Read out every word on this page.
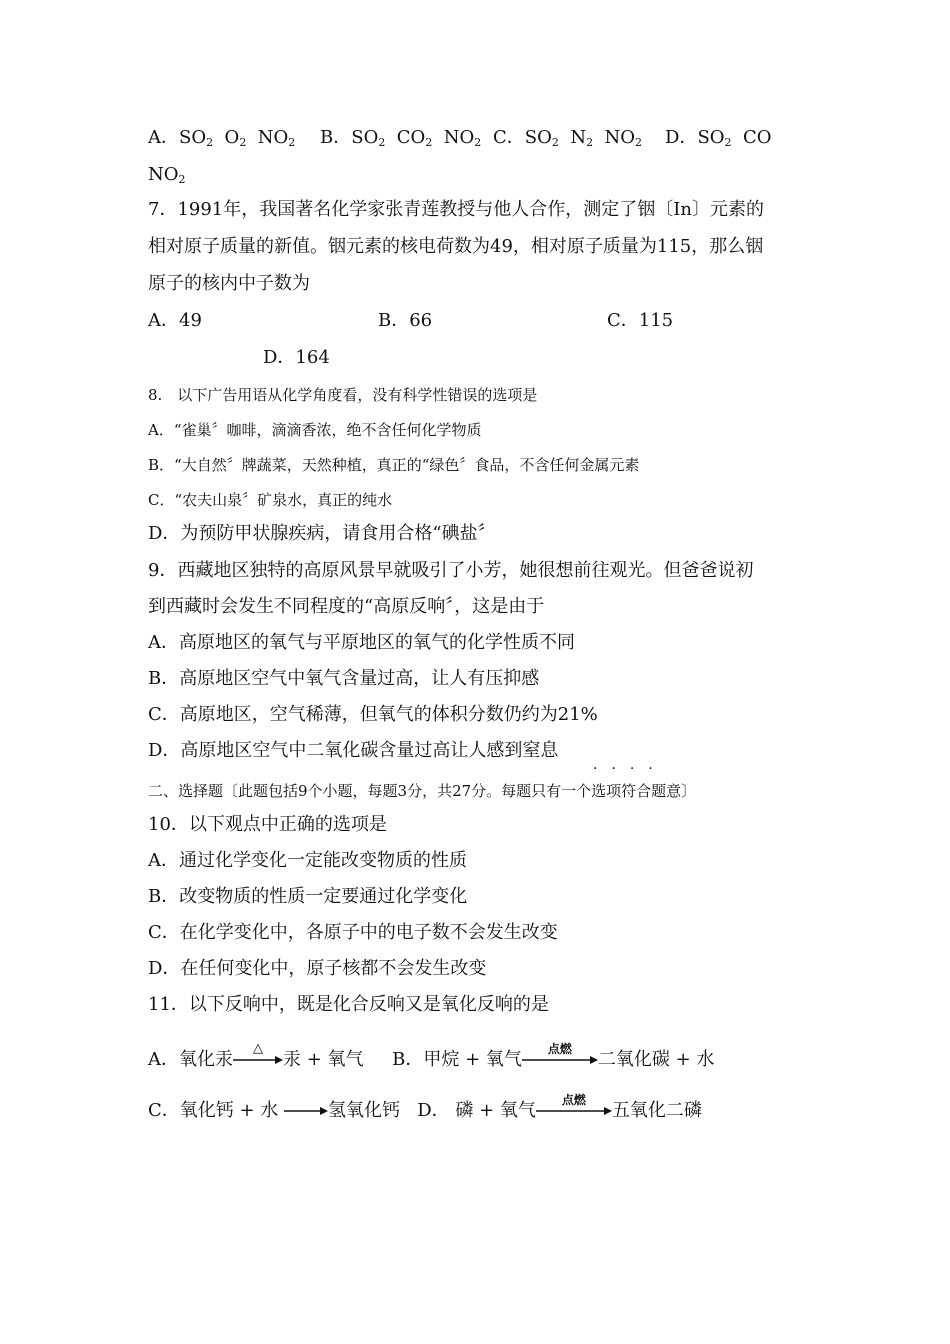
A．$SO_2$ $O_2$ $NO_2$ B．$SO_2$ $CO_2$ $NO_2$ C．$SO_2$ $N_2$ $NO_2$ D．$SO_2$ CO
$NO_2$
7．1991年，我国著名化学家张青莲教授与他人合作，测定了铟〔In〕元素的
相对原子质量的新值。铟元素的核电荷数为49，相对原子质量为115，那么铟
原子的核内中子数为
A．49	B．66	C．115
D．164
8.　以下广告用语从化学角度看，没有科学性错误的选项是
A．“雀巢〞咖啡，滴滴香浓，绝不含任何化学物质
B．“大自然〞牌蔬菜，天然种植，真正的“绿色〞食品，不含任何金属元素
C．“农夫山泉〞矿泉水，真正的纯水
D．为预防甲状腺疾病，请食用合格“碘盐〞
9．西藏地区独特的高原风景早就吸引了小芳，她很想前往观光。但爸爸说初
到西藏时会发生不同程度的“高原反响〞，这是由于
A．高原地区的氧气与平原地区的氧气的化学性质不同
B．高原地区空气中氧气含量过高，让人有压抑感
C．高原地区，空气稀薄，但氧气的体积分数仍约为21%
D．高原地区空气中二氧化碳含量过高让人感到窒息
····
二、选择题〔此题包括9个小题，每题3分，共27分。每题只有一个选项符合题意〕
10．以下观点中正确的选项是
A．通过化学变化一定能改变物质的性质
B．改变物质的性质一定要通过化学变化
C．在化学变化中，各原子中的电子数不会发生改变
D．在任何变化中，原子核都不会发生改变
11．以下反响中，既是化合反响又是氧化反响的是
A．氧化汞
△
汞 + 氧气 B．甲烷 + 氧气	点燃	二氧化碳 + 水
C．氧化钙 + 水 →氢氧化钙 D． 磷 + 氧气	点燃	五氧化二磷
